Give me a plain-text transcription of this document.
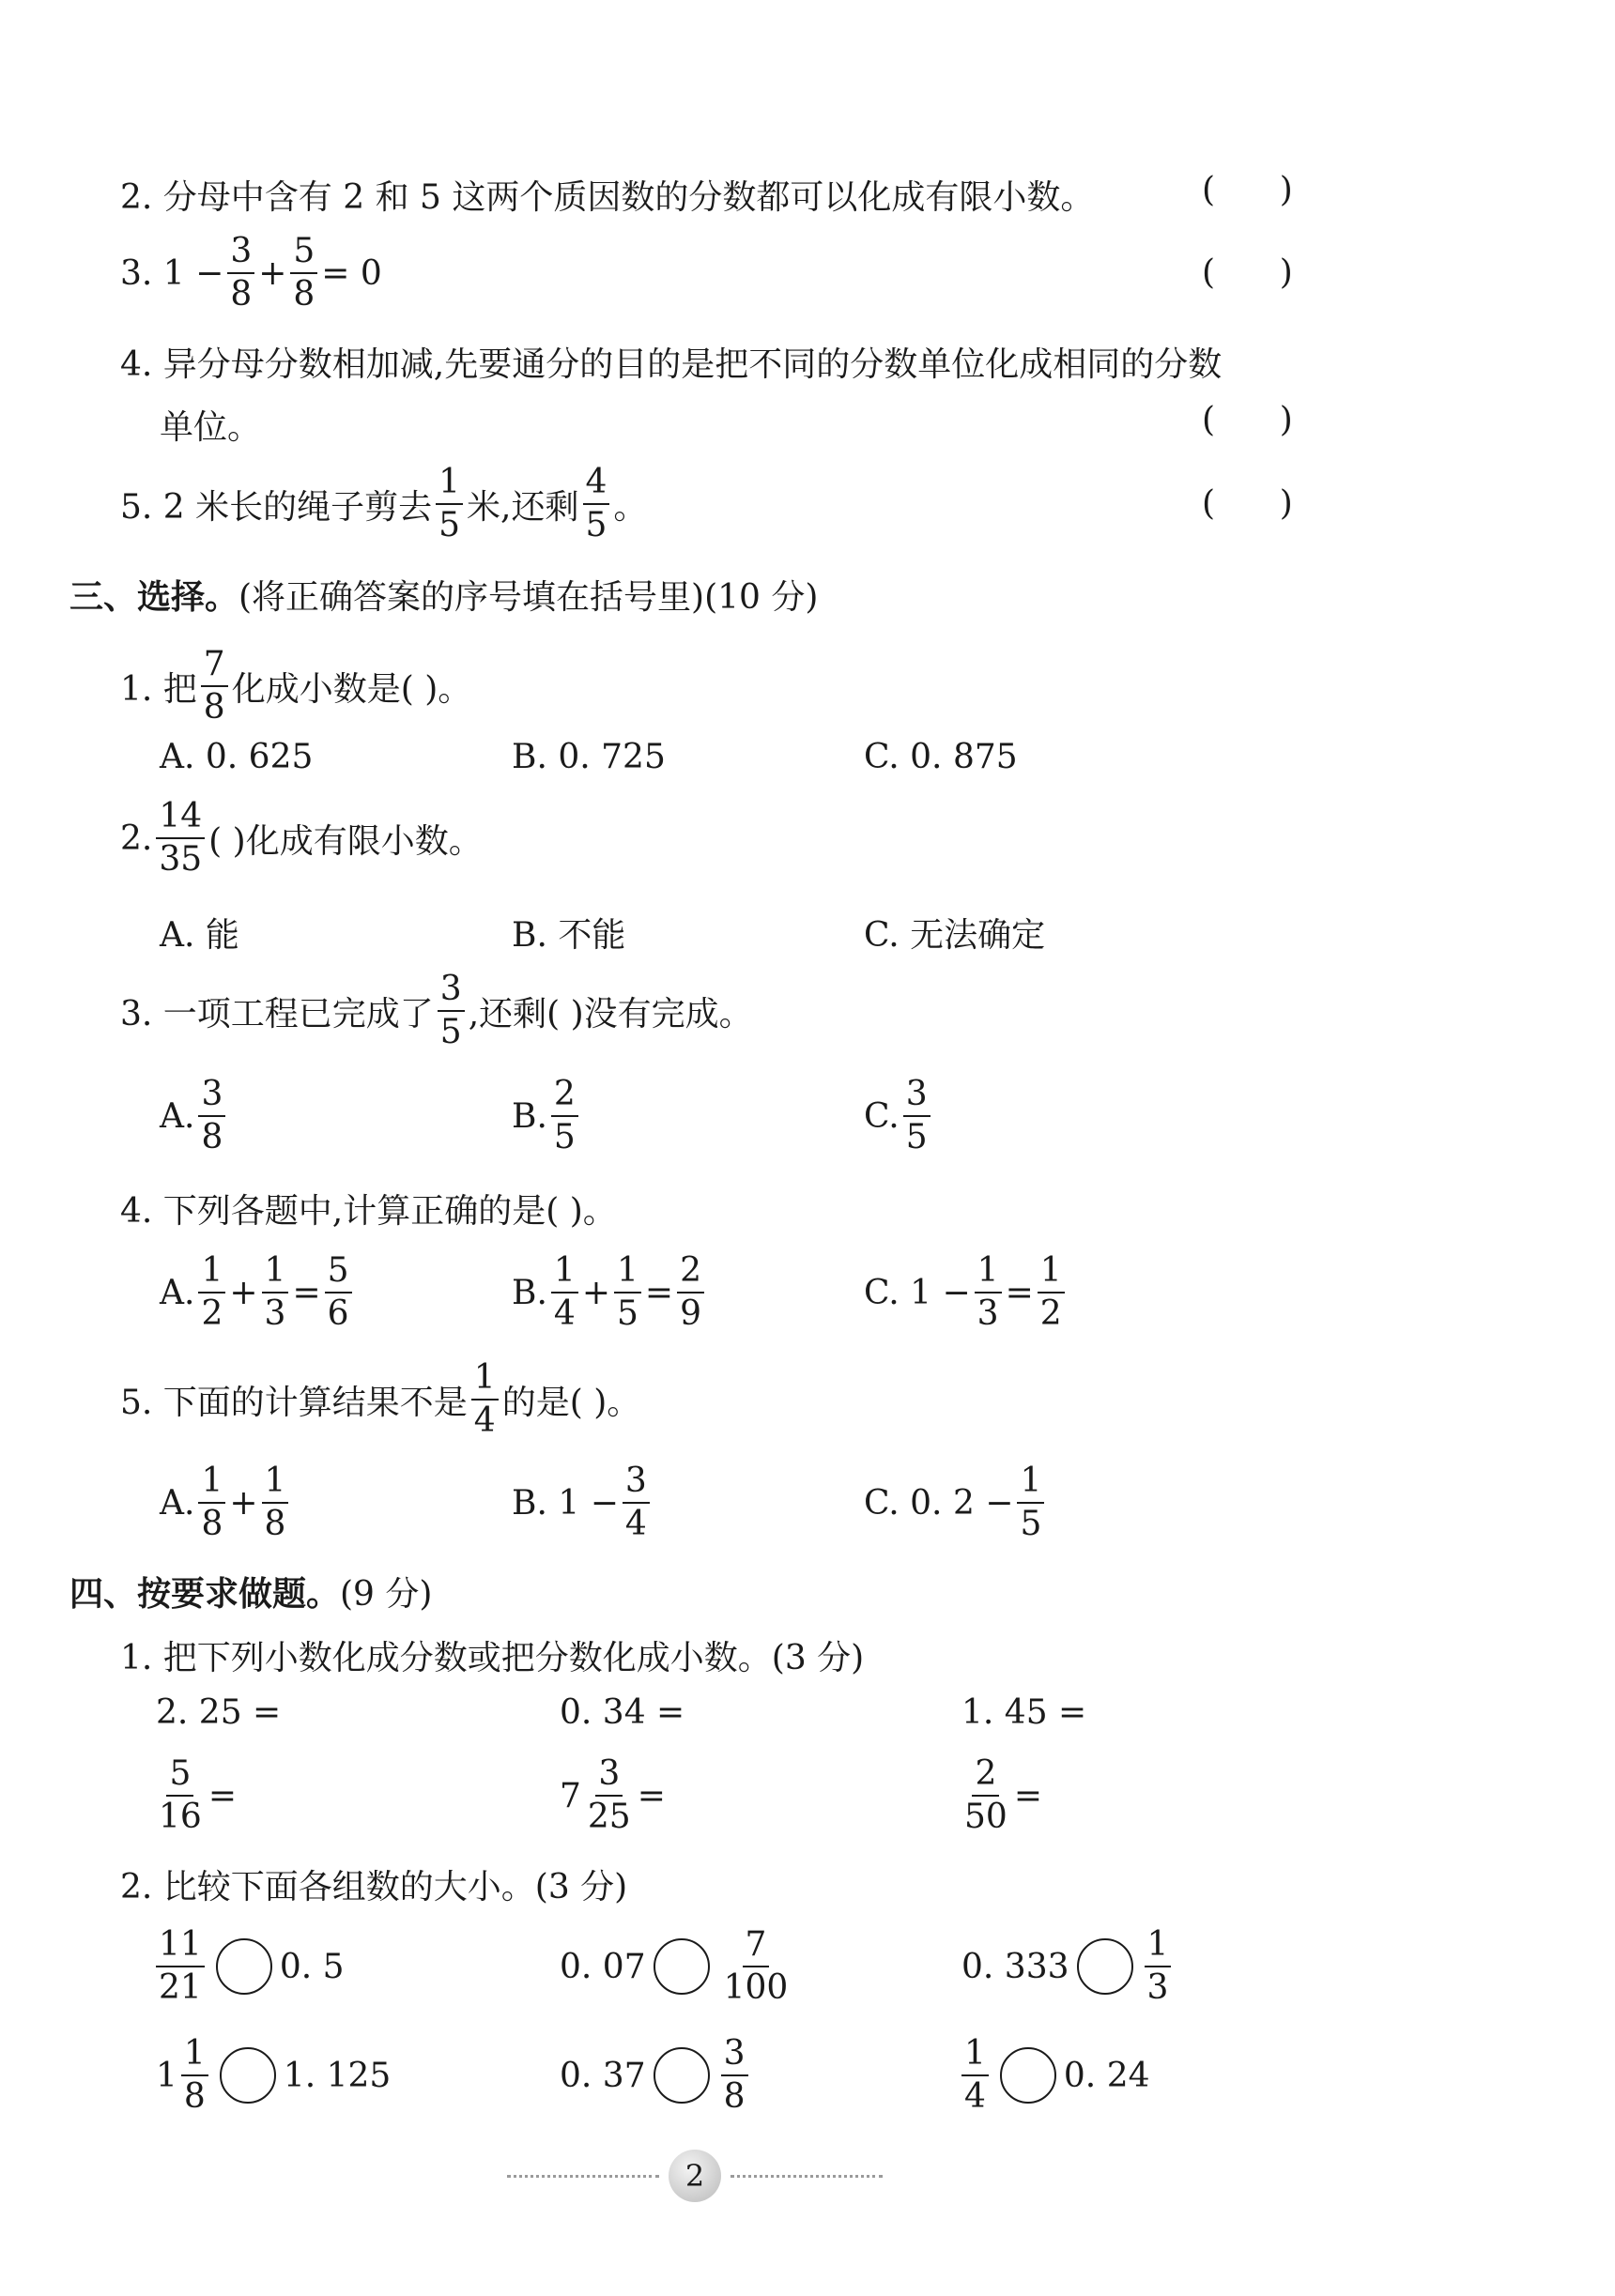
2. 分母中含有 2 和 5 这两个质因数的分数都可以化成有限小数。	(      )
3. $1 - \frac{3}{8} + \frac{5}{8} = 0$	(      )
4. 异分母分数相加减,先要通分的目的是把不同的分数单位化成相同的分数
单位。	(      )
5. 2 米长的绳子剪去 $\frac{1}{5}$ 米,还剩 $\frac{4}{5}$ 。	(      )
三、选择。 (将正确答案的序号填在括号里)(10 分)
1. 把 $\frac{7}{8}$ 化成小数是( )。
A. 0. 625	B. 0. 725	C. 0. 875
2. $\frac{14}{35}$ ( )化成有限小数。
A. 能	B. 不能	C. 无法确定
3. 一项工程已完成了 $\frac{3}{5}$ ,还剩( )没有完成。
A. $\frac{3}{8}$	B. $\frac{2}{5}$	C. $\frac{3}{5}$
4. 下列各题中,计算正确的是( )。
A. $\frac{1}{2} + \frac{1}{3} = \frac{5}{6}$	B. $\frac{1}{4} + \frac{1}{5} = \frac{2}{9}$	C. $1 - \frac{1}{3} = \frac{1}{2}$
5. 下面的计算结果不是 $\frac{1}{4}$ 的是( )。
A. $\frac{1}{8} + \frac{1}{8}$	B. $1 - \frac{3}{4}$	C. 0. $2 - \frac{1}{5}$
四、按要求做题。 (9 分)
1. 把下列小数化成分数或把分数化成小数。(3 分)
2. 25 =	0. 34 =	1. 45 =
$\frac{5}{16}$ =	$7 \frac{3}{25}$ =	$\frac{2}{50}$ =
2. 比较下面各组数的大小。(3 分)
$\frac{11}{21} 0$. 5	0. $07 \frac{7}{100}$	0. $333 \frac{1}{3}$
$1 \frac{1}{8} 1$. 125	0. $37 \frac{3}{8}$	$\frac{1}{4} 0$. 24
2
